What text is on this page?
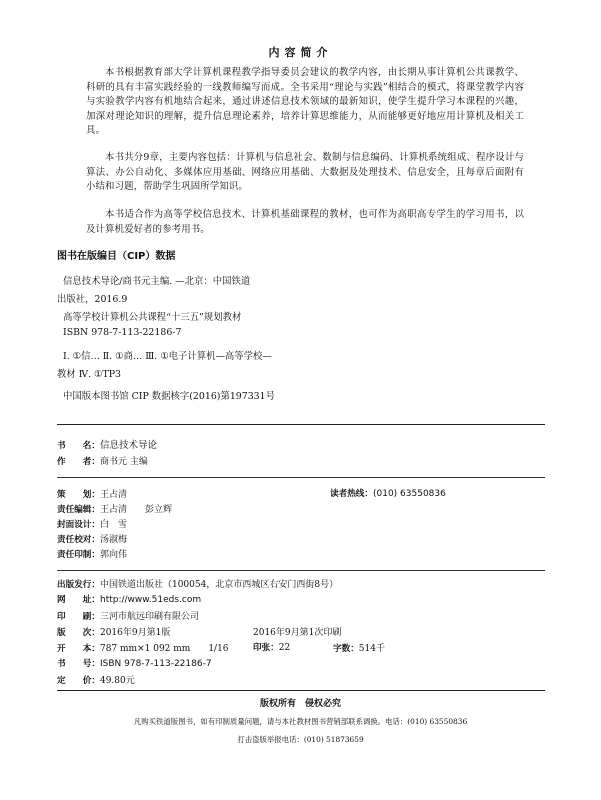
内容简介
本书根据教育部大学计算机课程教学指导委员会建议的教学内容，由长期从事计算机公共课教学、科研的具有丰富实践经验的一线教师编写而成。全书采用“理论与实践”相结合的模式，将课堂教学内容与实验教学内容有机地结合起来，通过讲述信息技术领域的最新知识，使学生提升学习本课程的兴趣，加深对理论知识的理解，提升信息理论素养，培养计算思维能力，从而能够更好地应用计算机及相关工具。
本书共分9章，主要内容包括：计算机与信息社会、数制与信息编码、计算机系统组成、程序设计与算法、办公自动化、多媒体应用基础、网络应用基础、大数据及处理技术、信息安全，且每章后面附有小结和习题，帮助学生巩固所学知识。
本书适合作为高等学校信息技术、计算机基础课程的教材，也可作为高职高专学生的学习用书，以及计算机爱好者的参考用书。
图书在版编目（CIP）数据
信息技术导论/商书元主编. —北京：中国铁道
出版社，2016.9
高等学校计算机公共课程“十三五”规划教材
ISBN 978-7-113-22186-7
Ⅰ. ①信… Ⅱ. ①商… Ⅲ. ①电子计算机—高等学校—
教材 Ⅳ. ①TP3
中国版本图书馆 CIP 数据核字(2016)第197331号
书　　名：信息技术导论
作　　者：商书元 主编
策　　划：王占清	读者热线：(010) 63550836
责任编辑：王占清　　彭立辉
封面设计：白　雪
责任校对：汤淑梅
责任印制：郭向伟
出版发行：中国铁道出版社（100054，北京市西城区右安门西街8号）
网　　址：http://www.51eds.com
印　　刷：三河市航远印刷有限公司
版　　次：2016年9月第1版	2016年9月第1次印刷
开　　本：787 mm×1 092 mm　　1/16	印张：22	字数：514千
书　　号：ISBN 978-7-113-22186-7
定　　价：49.80元
版权所有　侵权必究
凡购买铁道版图书，如有印制质量问题，请与本社教材图书营销部联系调换。电话：(010) 63550836
打击盗版举报电话：(010) 51873659
